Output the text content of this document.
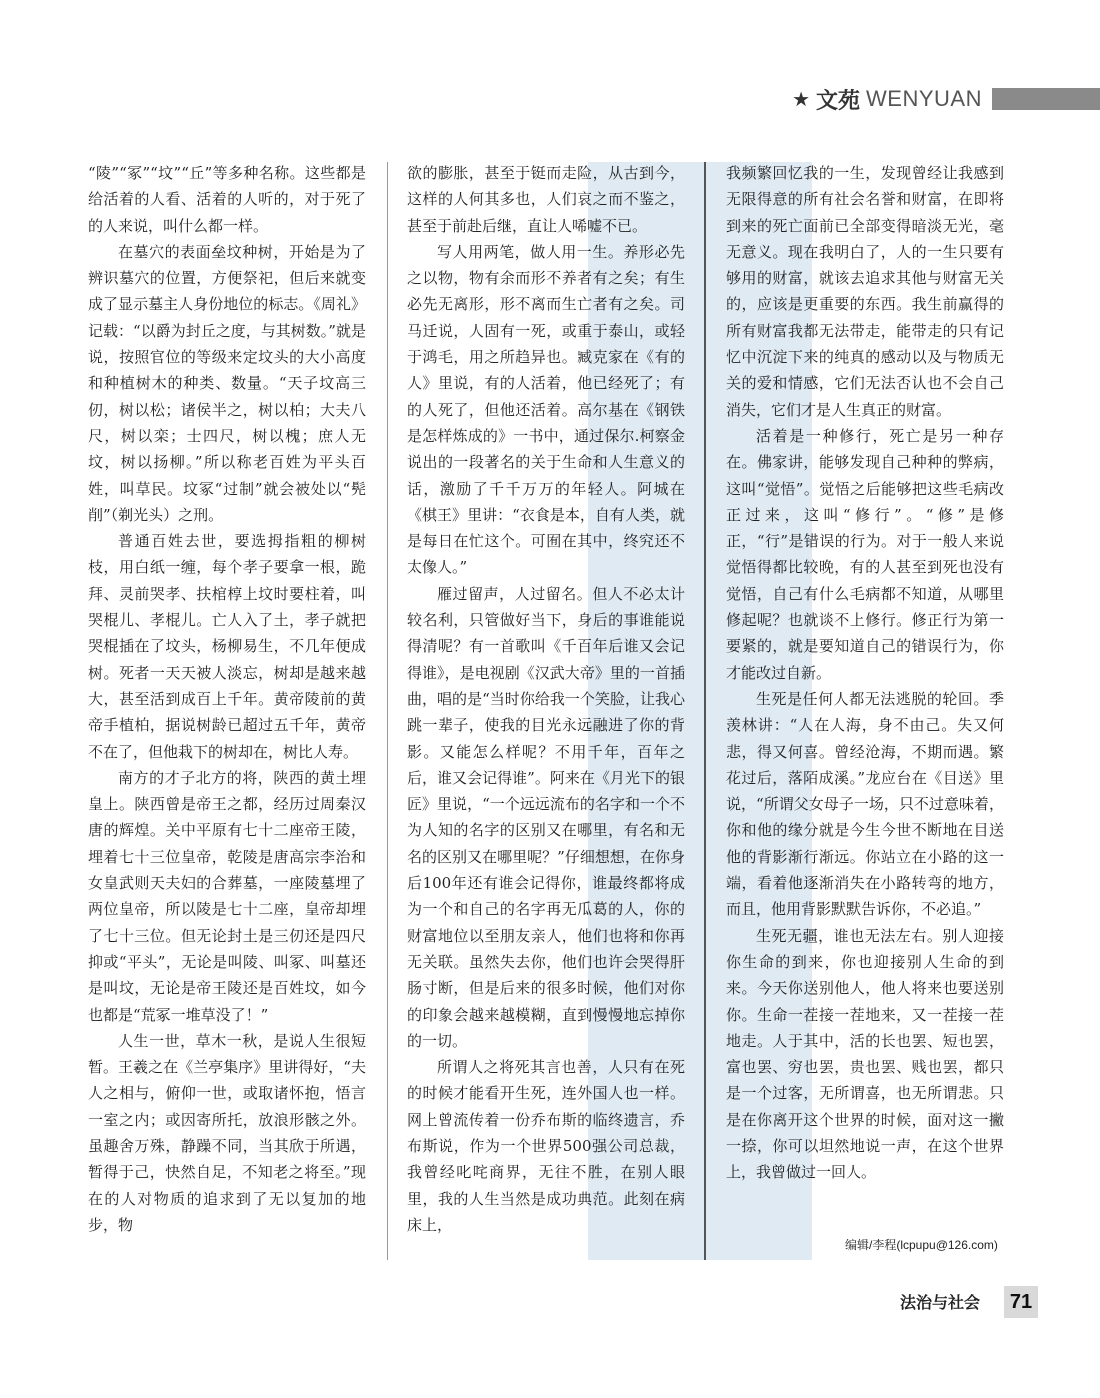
★ 文苑 WENYUAN

“陵”“冢”“坟”“丘”等多种名称。这些都是给活着的人看、活着的人听的，对于死了的人来说，叫什么都一样。

在墓穴的表面垒坟种树，开始是为了辨识墓穴的位置，方便祭祀，但后来就变成了显示墓主人身份地位的标志。《周礼》记载：“以爵为封丘之度，与其树数。”就是说，按照官位的等级来定坟头的大小高度和种植树木的种类、数量。“天子坟高三仞，树以松；诸侯半之，树以柏；大夫八尺，树以栾；士四尺，树以槐；庶人无坟，树以扬柳。”所以称老百姓为平头百姓，叫草民。坟冢“过制”就会被处以“髡削”（剃光头）之刑。

普通百姓去世，要选拇指粗的柳树枝，用白纸一缠，每个孝子要拿一根，跪拜、灵前哭孝、扶棺椁上坟时要柱着，叫哭棍儿、孝棍儿。亡人入了土，孝子就把哭棍插在了坟头，杨柳易生，不几年便成树。死者一天天被人淡忘，树却是越来越大，甚至活到成百上千年。黄帝陵前的黄帝手植柏，据说树龄已超过五千年，黄帝不在了，但他栽下的树却在，树比人寿。

南方的才子北方的将，陕西的黄土埋皇上。陕西曾是帝王之都，经历过周秦汉唐的辉煌。关中平原有七十二座帝王陵，埋着七十三位皇帝，乾陵是唐高宗李治和女皇武则天夫妇的合葬墓，一座陵墓埋了两位皇帝，所以陵是七十二座，皇帝却埋了七十三位。但无论封土是三仞还是四尺抑或“平头”，无论是叫陵、叫冢、叫墓还是叫坟，无论是帝王陵还是百姓坟，如今也都是“荒冢一堆草没了！”

人生一世，草木一秋，是说人生很短暂。王羲之在《兰亭集序》里讲得好，“夫人之相与，俯仰一世，或取诸怀抱，悟言一室之内；或因寄所托，放浪形骸之外。虽趣舍万殊，静躁不同，当其欣于所遇，暂得于己，快然自足，不知老之将至。”现在的人对物质的追求到了无以复加的地步，物

欲的膨胀，甚至于铤而走险，从古到今，这样的人何其多也，人们哀之而不鉴之，甚至于前赴后继，直让人唏嘘不已。

写人用两笔，做人用一生。养形必先之以物，物有余而形不养者有之矣；有生必先无离形，形不离而生亡者有之矣。司马迁说，人固有一死，或重于泰山，或轻于鸿毛，用之所趋异也。臧克家在《有的人》里说，有的人活着，他已经死了；有的人死了，但他还活着。高尔基在《钢铁是怎样炼成的》一书中，通过保尔.柯察金说出的一段著名的关于生命和人生意义的话，激励了千千万万的年轻人。阿城在《棋王》里讲：“衣食是本，自有人类，就是每日在忙这个。可囿在其中，终究还不太像人。”

雁过留声，人过留名。但人不必太计较名利，只管做好当下，身后的事谁能说得清呢？有一首歌叫《千百年后谁又会记得谁》，是电视剧《汉武大帝》里的一首插曲，唱的是“当时你给我一个笑脸，让我心跳一辈子，使我的目光永远融进了你的背影。又能怎么样呢？不用千年，百年之后，谁又会记得谁”。阿来在《月光下的银匠》里说，“一个远远流布的名字和一个不为人知的名字的区别又在哪里，有名和无名的区别又在哪里呢？”仔细想想，在你身后100年还有谁会记得你，谁最终都将成为一个和自己的名字再无瓜葛的人，你的财富地位以至朋友亲人，他们也将和你再无关联。虽然失去你，他们也许会哭得肝肠寸断，但是后来的很多时候，他们对你的印象会越来越模糊，直到慢慢地忘掉你的一切。

所谓人之将死其言也善，人只有在死的时候才能看开生死，连外国人也一样。网上曾流传着一份乔布斯的临终遗言，乔布斯说，作为一个世界500强公司总裁，我曾经叱咤商界，无往不胜，在别人眼里，我的人生当然是成功典范。此刻在病床上，

我频繁回忆我的一生，发现曾经让我感到无限得意的所有社会名誉和财富，在即将到来的死亡面前已全部变得暗淡无光，毫无意义。现在我明白了，人的一生只要有够用的财富，就该去追求其他与财富无关的，应该是更重要的东西。我生前赢得的所有财富我都无法带走，能带走的只有记忆中沉淀下来的纯真的感动以及与物质无关的爱和情感，它们无法否认也不会自己消失，它们才是人生真正的财富。

活着是一种修行，死亡是另一种存在。佛家讲，能够发现自己种种的弊病，这叫“觉悟”。觉悟之后能够把这些毛病改正过来，这叫“修行”。“修”是修正，“行”是错误的行为。对于一般人来说觉悟得都比较晚，有的人甚至到死也没有觉悟，自己有什么毛病都不知道，从哪里修起呢？也就谈不上修行。修正行为第一要紧的，就是要知道自己的错误行为，你才能改过自新。

生死是任何人都无法逃脱的轮回。季羡林讲：“人在人海，身不由己。失又何悲，得又何喜。曾经沧海，不期而遇。繁花过后，落陌成溪。”龙应台在《目送》里说，“所谓父女母子一场，只不过意味着，你和他的缘分就是今生今世不断地在目送他的背影渐行渐远。你站立在小路的这一端，看着他逐渐消失在小路转弯的地方，而且，他用背影默默告诉你，不必追。”

生死无疆，谁也无法左右。别人迎接你生命的到来，你也迎接别人生命的到来。今天你送别他人，他人将来也要送别你。生命一茬接一茬地来，又一茬接一茬地走。人于其中，活的长也罢、短也罢，富也罢、穷也罢，贵也罢、贱也罢，都只是一个过客，无所谓喜，也无所谓悲。只是在你离开这个世界的时候，面对这一撇一捺，你可以坦然地说一声，在这个世界上，我曾做过一回人。

编辑/李程(lcpupu@126.com)
法治与社会 71
